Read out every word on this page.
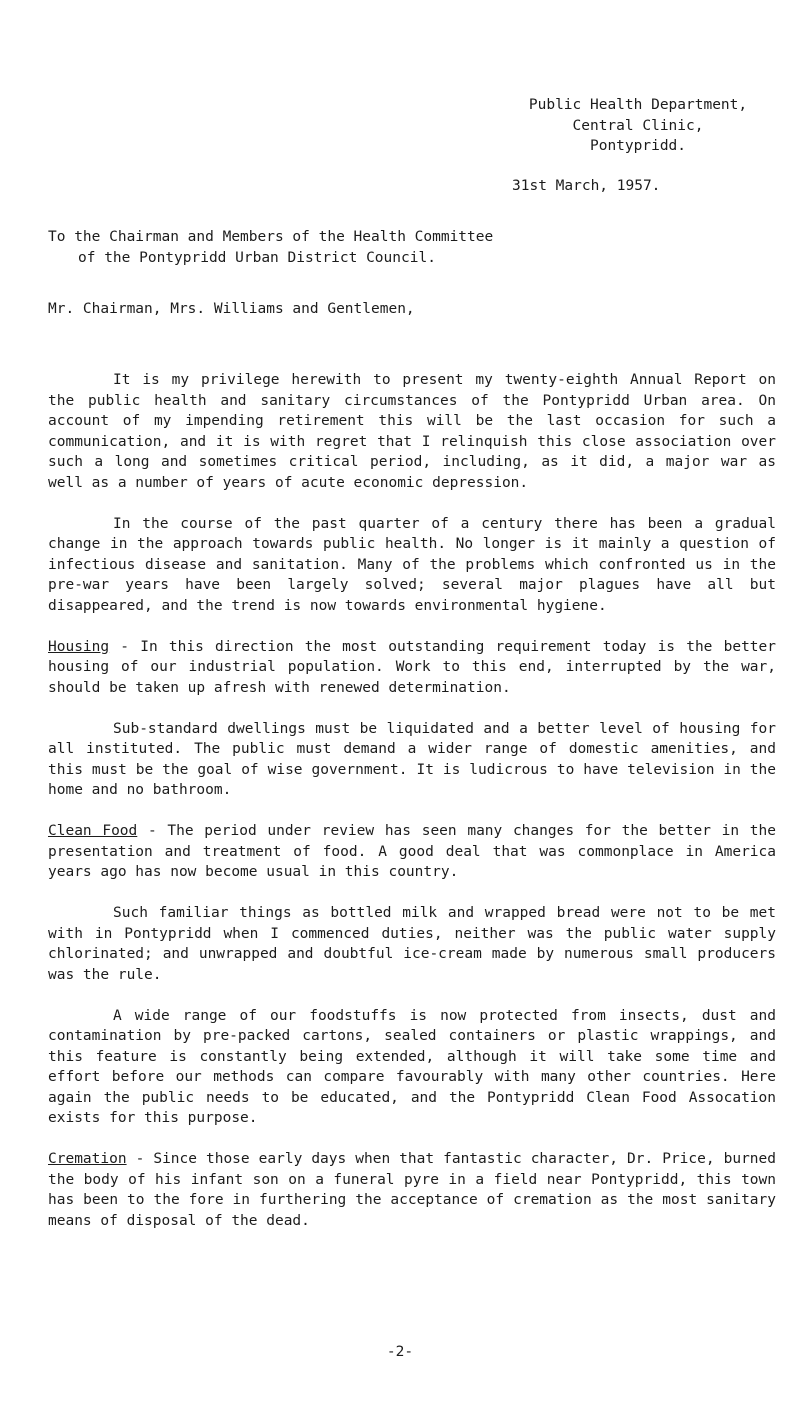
Public Health Department,
Central Clinic,
Pontypridd.
31st March, 1957.
To the Chairman and Members of the Health Committee
of the Pontypridd Urban District Council.
Mr. Chairman, Mrs. Williams and Gentlemen,

It is my privilege herewith to present my twenty-eighth Annual Report on the public health and sanitary circumstances of the Pontypridd Urban area. On account of my impending retirement this will be the last occasion for such a communication, and it is with regret that I relinquish this close association over such a long and sometimes critical period, including, as it did, a major war as well as a number of years of acute economic depression.

In the course of the past quarter of a century there has been a gradual change in the approach towards public health. No longer is it mainly a question of infectious disease and sanitation. Many of the problems which confronted us in the pre-war years have been largely solved; several major plagues have all but disappeared, and the trend is now towards environmental hygiene.

Housing - In this direction the most outstanding requirement today is the better housing of our industrial population. Work to this end, interrupted by the war, should be taken up afresh with renewed determination.

Sub-standard dwellings must be liquidated and a better level of housing for all instituted. The public must demand a wider range of domestic amenities, and this must be the goal of wise government. It is ludicrous to have television in the home and no bathroom.

Clean Food - The period under review has seen many changes for the better in the presentation and treatment of food. A good deal that was commonplace in America years ago has now become usual in this country.

Such familiar things as bottled milk and wrapped bread were not to be met with in Pontypridd when I commenced duties, neither was the public water supply chlorinated; and unwrapped and doubtful ice-cream made by numerous small producers was the rule.

A wide range of our foodstuffs is now protected from insects, dust and contamination by pre-packed cartons, sealed containers or plastic wrappings, and this feature is constantly being extended, although it will take some time and effort before our methods can compare favourably with many other countries. Here again the public needs to be educated, and the Pontypridd Clean Food Assocation exists for this purpose.

Cremation - Since those early days when that fantastic character, Dr. Price, burned the body of his infant son on a funeral pyre in a field near Pontypridd, this town has been to the fore in furthering the acceptance of cremation as the most sanitary means of disposal of the dead.

-2-
